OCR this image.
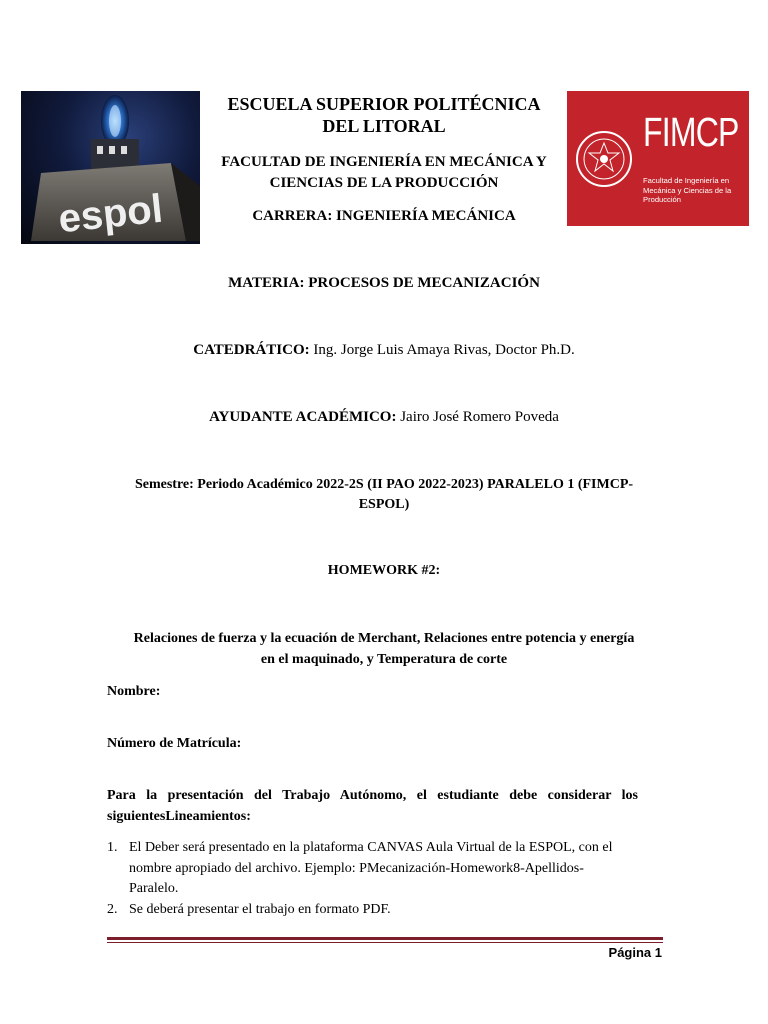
espol
FIMCP
Facultad de Ingeniería en Mecánica y Ciencias de la Producción
ESCUELA SUPERIOR POLITÉCNICA
DEL LITORAL
FACULTAD DE INGENIERÍA EN MECÁNICA Y
CIENCIAS DE LA PRODUCCIÓN
CARRERA: INGENIERÍA MECÁNICA
MATERIA: PROCESOS DE MECANIZACIÓN
CATEDRÁTICO: Ing. Jorge Luis Amaya Rivas, Doctor Ph.D.
AYUDANTE ACADÉMICO: Jairo José Romero Poveda
Semestre: Periodo Académico 2022-2S (II PAO 2022-2023) PARALELO 1 (FIMCP-
ESPOL)
HOMEWORK #2:
Relaciones de fuerza y la ecuación de Merchant, Relaciones entre potencia y energía
en el maquinado, y Temperatura de corte
Nombre:
Número de Matrícula:
Para la presentación del Trabajo Autónomo, el estudiante debe considerar los
siguientesLineamientos:
1. El Deber será presentado en la plataforma CANVAS Aula Virtual de la ESPOL, con el
nombre apropiado del archivo. Ejemplo: PMecanización-Homework8-Apellidos-
Paralelo.
2. Se deberá presentar el trabajo en formato PDF.
Página 1
